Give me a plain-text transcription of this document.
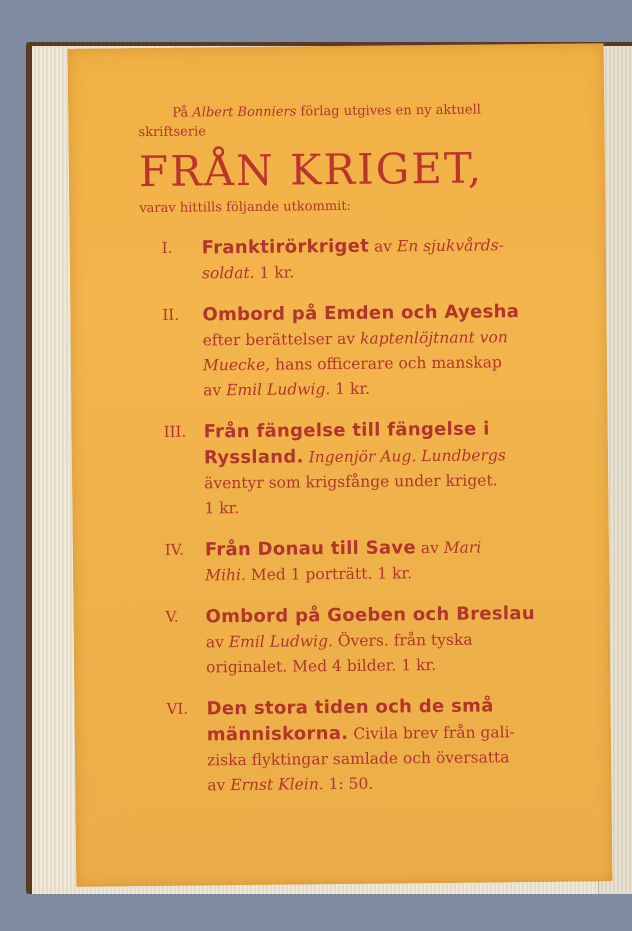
På Albert Bonniers förlag utgives en ny aktuell

skriftserie

FRÅN KRIGET,

varav hittills följande utkommit:

I.	Franktirörkriget av En sjukvårds-
soldat. 1 kr.
II.	Ombord på Emden och Ayesha
efter berättelser av kaptenlöjtnant von
Muecke, hans officerare och manskap
av Emil Ludwig. 1 kr.
III. Från fängelse till fängelse i
Ryssland. Ingenjör Aug. Lundbergs
äventyr som krigsfånge under kriget.
1 kr.
IV.	Från Donau till Save av Mari
Mihi. Med 1 porträtt. 1 kr.
V.	Ombord på Goeben och Breslau
av Emil Ludwig. Övers. från tyska
originalet. Med 4 bilder. 1 kr.
VI.	Den stora tiden och de små
människorna. Civila brev från gali-
ziska flyktingar samlade och översatta
av Ernst Klein. 1: 50.
